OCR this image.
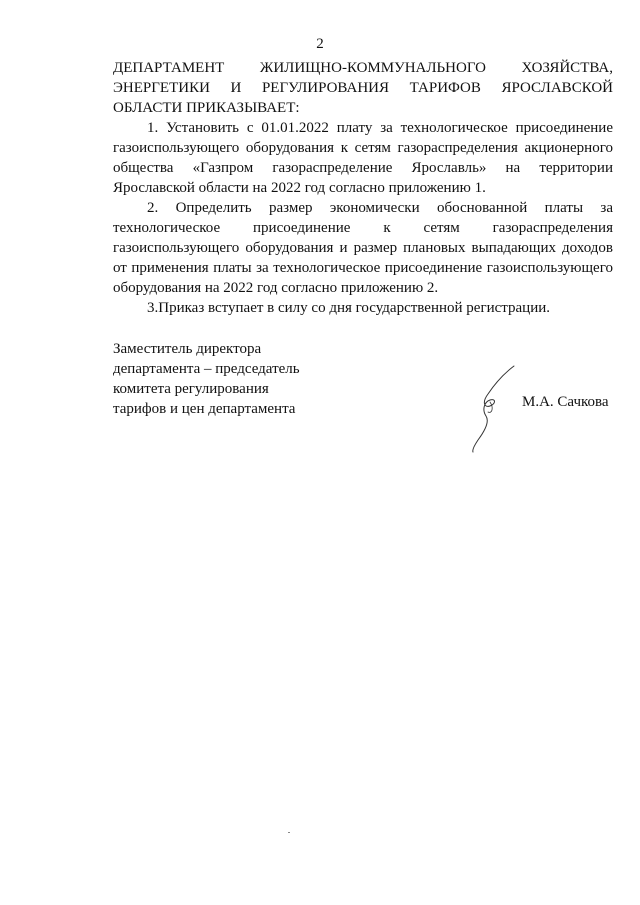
2
ДЕПАРТАМЕНТ ЖИЛИЩНО-КОММУНАЛЬНОГО ХОЗЯЙСТВА,
ЭНЕРГЕТИКИ И РЕГУЛИРОВАНИЯ ТАРИФОВ ЯРОСЛАВСКОЙ
ОБЛАСТИ ПРИКАЗЫВАЕТ:

1. Установить с 01.01.2022 плату за технологическое присоединение газоиспользующего оборудования к сетям газораспределения акционерного общества «Газпром газораспределение Ярославль» на территории Ярославской области на 2022 год согласно приложению 1.

2. Определить размер экономически обоснованной платы за технологическое присоединение к сетям газораспределения газоиспользующего оборудования и размер плановых выпадающих доходов от применения платы за технологическое присоединение газоиспользующего оборудования на 2022 год согласно приложению 2.

3.Приказ вступает в силу со дня государственной регистрации.

Заместитель директора
департамента – председатель
комитета регулирования
тарифов и цен департамента	М.А. Сачкова
